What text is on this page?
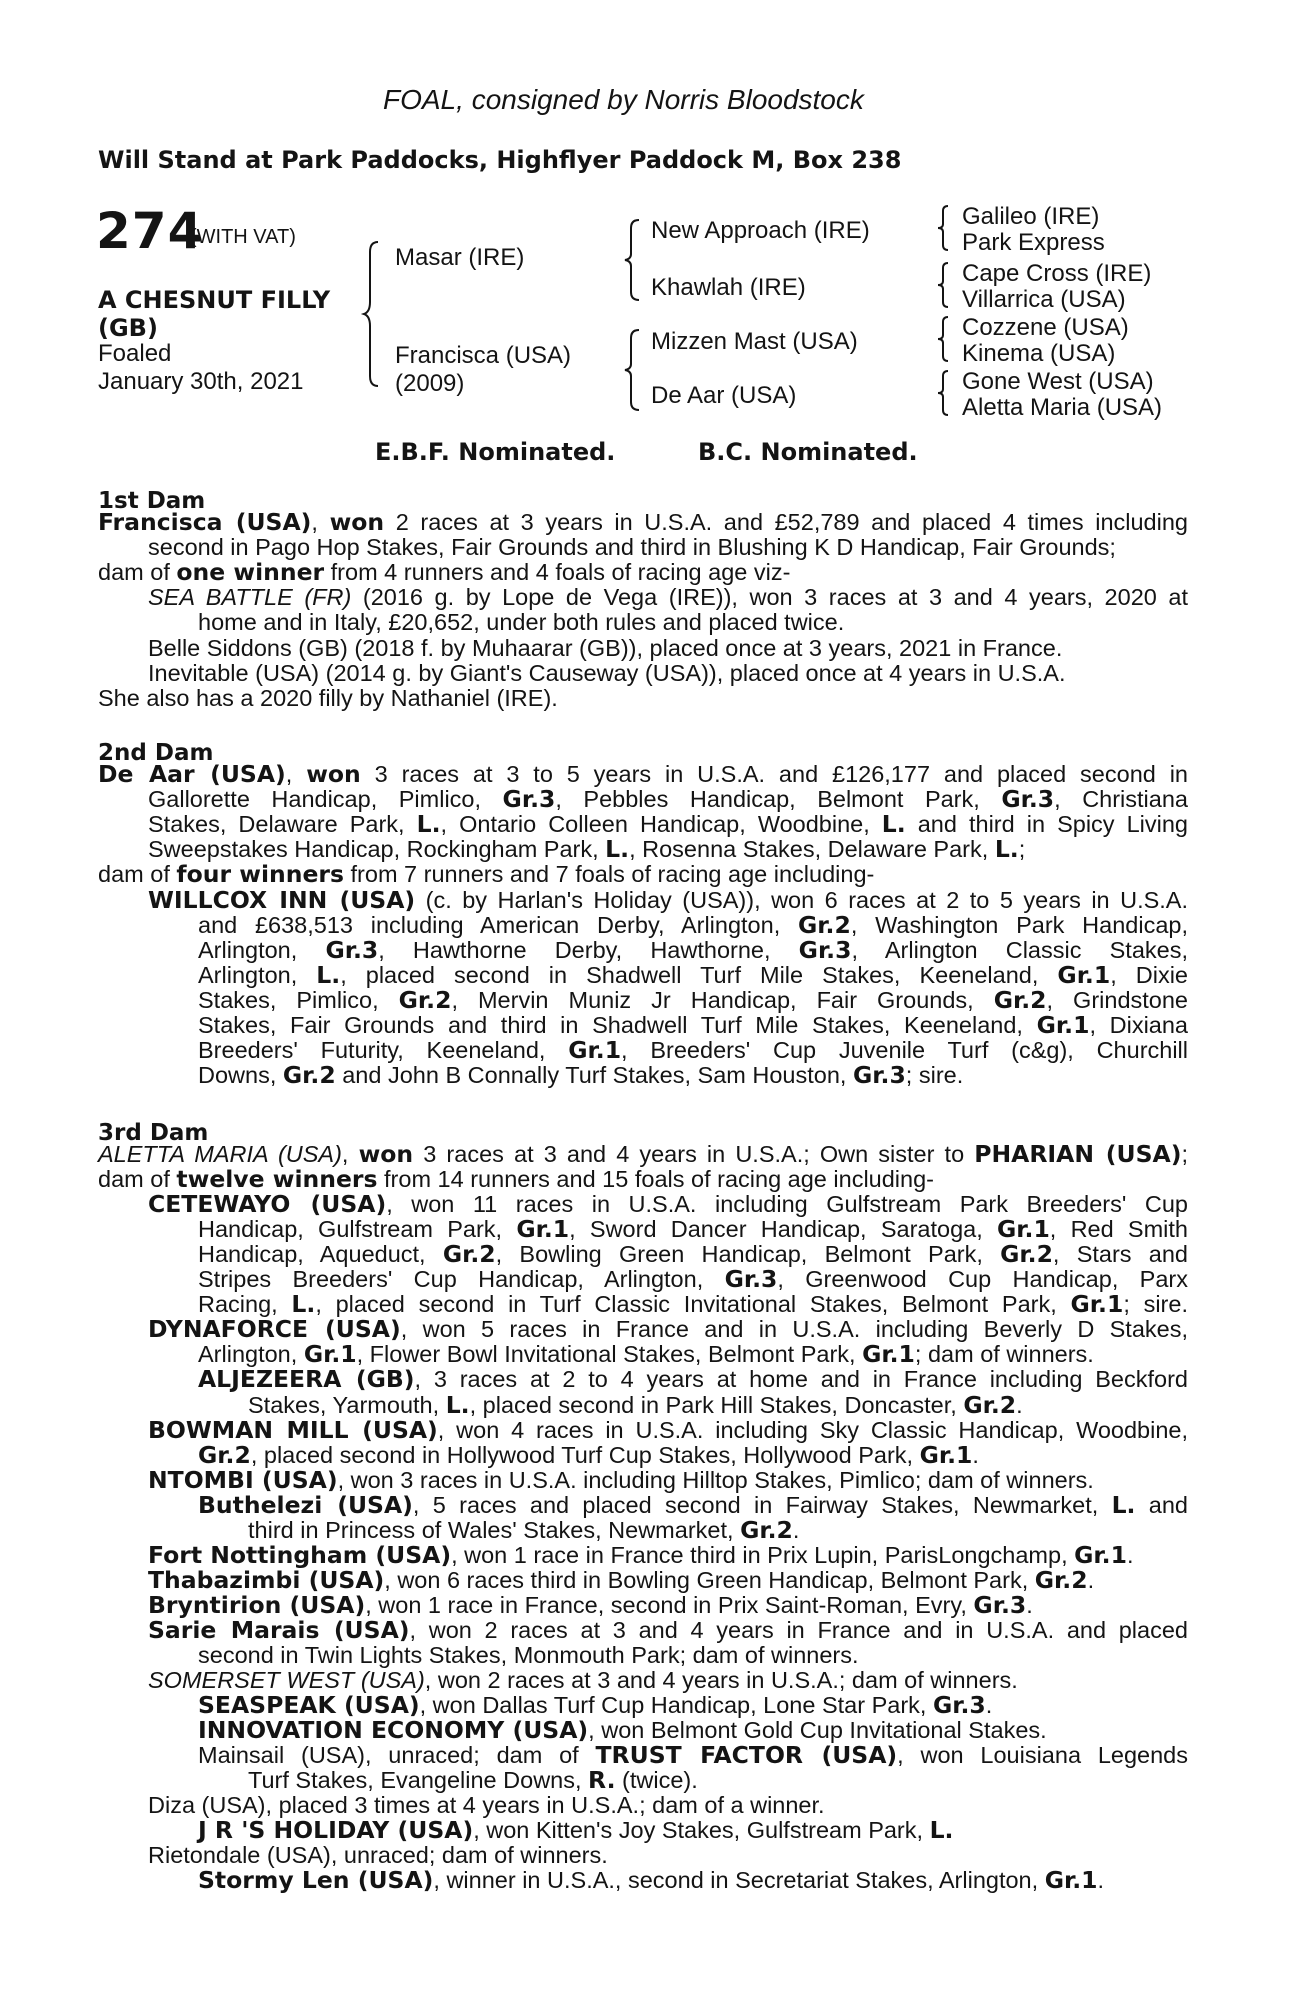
FOAL, consigned by Norris Bloodstock
Will Stand at Park Paddocks, Highflyer Paddock M, Box 238
274
(WITH VAT)
A CHESNUT FILLY
(GB)
Foaled
January 30th, 2021
Masar (IRE)
Francisca (USA)
(2009)
New Approach (IRE)
Khawlah (IRE)
Mizzen Mast (USA)
De Aar (USA)
Galileo (IRE)
Park Express
Cape Cross (IRE)
Villarrica (USA)
Cozzene (USA)
Kinema (USA)
Gone West (USA)
Aletta Maria (USA)
E.B.F. Nominated.	B.C. Nominated.
1st Dam
2nd Dam
3rd Dam
Francisca (USA), won 2 races at 3 years in U.S.A. and £52,789 and placed 4 times including
second in Pago Hop Stakes, Fair Grounds and third in Blushing K D Handicap, Fair Grounds;
dam of one winner from 4 runners and 4 foals of racing age viz-
SEA BATTLE (FR) (2016 g. by Lope de Vega (IRE)), won 3 races at 3 and 4 years, 2020 at
home and in Italy, £20,652, under both rules and placed twice.
Belle Siddons (GB) (2018 f. by Muhaarar (GB)), placed once at 3 years, 2021 in France.
Inevitable (USA) (2014 g. by Giant's Causeway (USA)), placed once at 4 years in U.S.A.
She also has a 2020 filly by Nathaniel (IRE).
De Aar (USA), won 3 races at 3 to 5 years in U.S.A. and £126,177 and placed second in
Gallorette Handicap, Pimlico, Gr.3, Pebbles Handicap, Belmont Park, Gr.3, Christiana
Stakes, Delaware Park, L., Ontario Colleen Handicap, Woodbine, L. and third in Spicy Living
Sweepstakes Handicap, Rockingham Park, L., Rosenna Stakes, Delaware Park, L.;
dam of four winners from 7 runners and 7 foals of racing age including-
WILLCOX INN (USA) (c. by Harlan's Holiday (USA)), won 6 races at 2 to 5 years in U.S.A.
and £638,513 including American Derby, Arlington, Gr.2, Washington Park Handicap,
Arlington, Gr.3, Hawthorne Derby, Hawthorne, Gr.3, Arlington Classic Stakes,
Arlington, L., placed second in Shadwell Turf Mile Stakes, Keeneland, Gr.1, Dixie
Stakes, Pimlico, Gr.2, Mervin Muniz Jr Handicap, Fair Grounds, Gr.2, Grindstone
Stakes, Fair Grounds and third in Shadwell Turf Mile Stakes, Keeneland, Gr.1, Dixiana
Breeders' Futurity, Keeneland, Gr.1, Breeders' Cup Juvenile Turf (c&g), Churchill
Downs, Gr.2 and John B Connally Turf Stakes, Sam Houston, Gr.3; sire.
ALETTA MARIA (USA), won 3 races at 3 and 4 years in U.S.A.; Own sister to PHARIAN (USA);
dam of twelve winners from 14 runners and 15 foals of racing age including-
CETEWAYO (USA), won 11 races in U.S.A. including Gulfstream Park Breeders' Cup
Handicap, Gulfstream Park, Gr.1, Sword Dancer Handicap, Saratoga, Gr.1, Red Smith
Handicap, Aqueduct, Gr.2, Bowling Green Handicap, Belmont Park, Gr.2, Stars and
Stripes Breeders' Cup Handicap, Arlington, Gr.3, Greenwood Cup Handicap, Parx
Racing, L., placed second in Turf Classic Invitational Stakes, Belmont Park, Gr.1; sire.
DYNAFORCE (USA), won 5 races in France and in U.S.A. including Beverly D Stakes,
Arlington, Gr.1, Flower Bowl Invitational Stakes, Belmont Park, Gr.1; dam of winners.
ALJEZEERA (GB), 3 races at 2 to 4 years at home and in France including Beckford
Stakes, Yarmouth, L., placed second in Park Hill Stakes, Doncaster, Gr.2.
BOWMAN MILL (USA), won 4 races in U.S.A. including Sky Classic Handicap, Woodbine,
Gr.2, placed second in Hollywood Turf Cup Stakes, Hollywood Park, Gr.1.
NTOMBI (USA), won 3 races in U.S.A. including Hilltop Stakes, Pimlico; dam of winners.
Buthelezi (USA), 5 races and placed second in Fairway Stakes, Newmarket, L. and
third in Princess of Wales' Stakes, Newmarket, Gr.2.
Fort Nottingham (USA), won 1 race in France third in Prix Lupin, ParisLongchamp, Gr.1.
Thabazimbi (USA), won 6 races third in Bowling Green Handicap, Belmont Park, Gr.2.
Bryntirion (USA), won 1 race in France, second in Prix Saint-Roman, Evry, Gr.3.
Sarie Marais (USA), won 2 races at 3 and 4 years in France and in U.S.A. and placed
second in Twin Lights Stakes, Monmouth Park; dam of winners.
SOMERSET WEST (USA), won 2 races at 3 and 4 years in U.S.A.; dam of winners.
SEASPEAK (USA), won Dallas Turf Cup Handicap, Lone Star Park, Gr.3.
INNOVATION ECONOMY (USA), won Belmont Gold Cup Invitational Stakes.
Mainsail (USA), unraced; dam of TRUST FACTOR (USA), won Louisiana Legends
Turf Stakes, Evangeline Downs, R. (twice).
Diza (USA), placed 3 times at 4 years in U.S.A.; dam of a winner.
J R 'S HOLIDAY (USA), won Kitten's Joy Stakes, Gulfstream Park, L.
Rietondale (USA), unraced; dam of winners.
Stormy Len (USA), winner in U.S.A., second in Secretariat Stakes, Arlington, Gr.1.
